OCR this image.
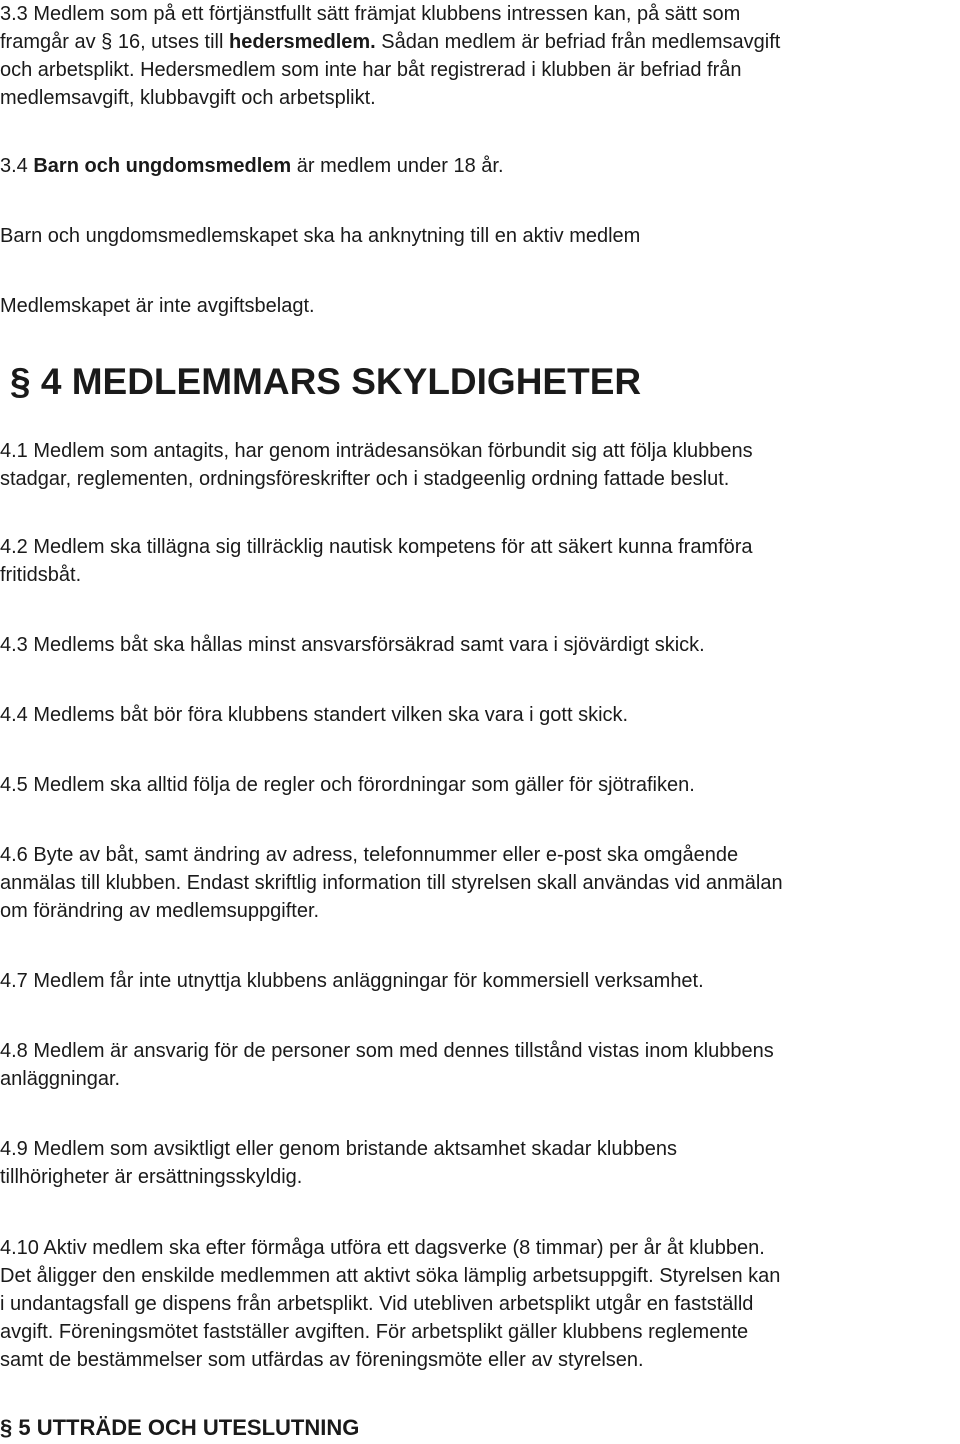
3.3 Medlem som på ett förtjänstfullt sätt främjat klubbens intressen kan, på sätt som
framgår av § 16, utses till hedersmedlem. Sådan medlem är befriad från medlemsavgift
och arbetsplikt. Hedersmedlem som inte har båt registrerad i klubben är befriad från
medlemsavgift, klubbavgift och arbetsplikt.
3.4 Barn och ungdomsmedlem är medlem under 18 år.
Barn och ungdomsmedlemskapet ska ha anknytning till en aktiv medlem
Medlemskapet är inte avgiftsbelagt.
§ 4 MEDLEMMARS SKYLDIGHETER
4.1 Medlem som antagits, har genom inträdesansökan förbundit sig att följa klubbens
stadgar, reglementen, ordningsföreskrifter och i stadgeenlig ordning fattade beslut.
4.2 Medlem ska tillägna sig tillräcklig nautisk kompetens för att säkert kunna framföra
fritidsbåt.
4.3 Medlems båt ska hållas minst ansvarsförsäkrad samt vara i sjövärdigt skick.
4.4 Medlems båt bör föra klubbens standert vilken ska vara i gott skick.
4.5 Medlem ska alltid följa de regler och förordningar som gäller för sjötrafiken.
4.6 Byte av båt, samt ändring av adress, telefonnummer eller e-post ska omgående
anmälas till klubben. Endast skriftlig information till styrelsen skall användas vid anmälan
om förändring av medlemsuppgifter.
4.7 Medlem får inte utnyttja klubbens anläggningar för kommersiell verksamhet.
4.8 Medlem är ansvarig för de personer som med dennes tillstånd vistas inom klubbens
anläggningar.
4.9 Medlem som avsiktligt eller genom bristande aktsamhet skadar klubbens
tillhörigheter är ersättningsskyldig.
4.10 Aktiv medlem ska efter förmåga utföra ett dagsverke (8 timmar) per år åt klubben.
Det åligger den enskilde medlemmen att aktivt söka lämplig arbetsuppgift. Styrelsen kan
i undantagsfall ge dispens från arbetsplikt. Vid utebliven arbetsplikt utgår en fastställd
avgift. Föreningsmötet fastställer avgiften. För arbetsplikt gäller klubbens reglemente
samt de bestämmelser som utfärdas av föreningsmöte eller av styrelsen.
§ 5 UTTRÄDE OCH UTESLUTNING
